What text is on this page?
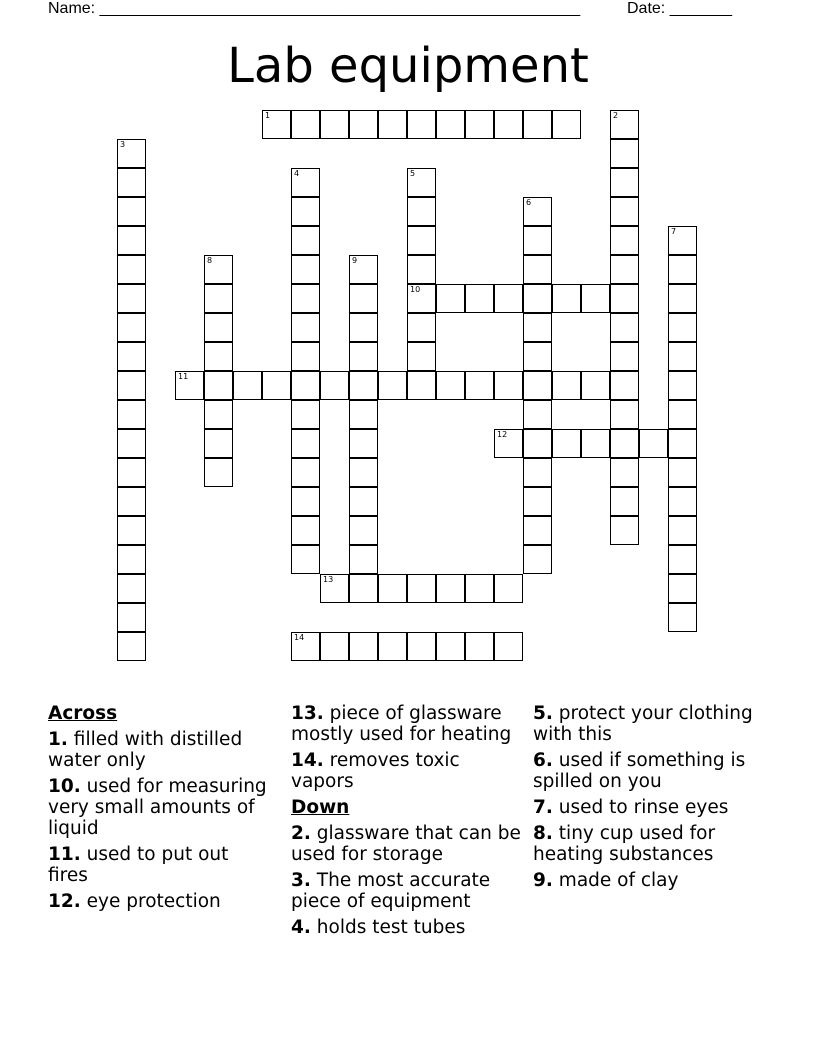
Name: ______________________________________________________	Date: _______
Lab equipment
1	2
3
4	5
10
6
7
8	9
11
12
13
14
Across
1. filled with distilled water only
10. used for measuring very small amounts of liquid
11. used to put out fires
12. eye protection
13. piece of glassware mostly used for heating
14. removes toxic vapors
Down
2. glassware that can be used for storage
3. The most accurate piece of equipment
4. holds test tubes
5. protect your clothing with this
6. used if something is spilled on you
7. used to rinse eyes
8. tiny cup used for heating substances
9. made of clay
